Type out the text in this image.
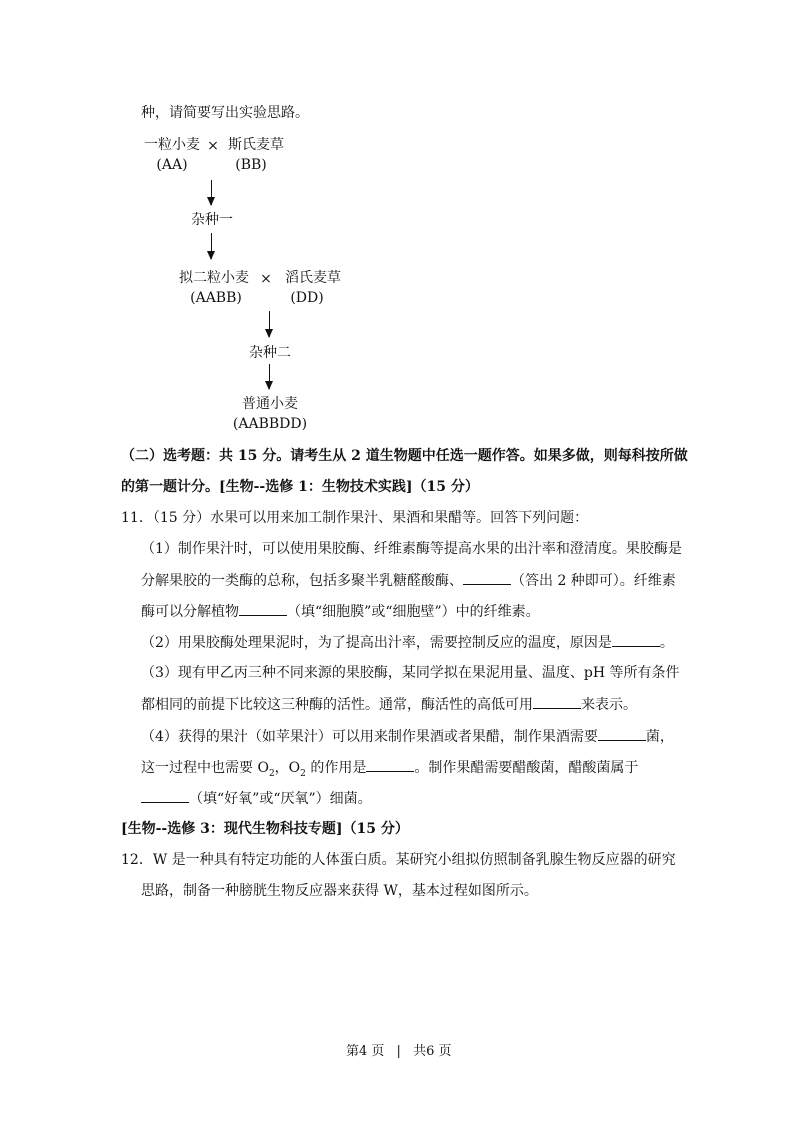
种，请简要写出实验思路。
一粒小麦 × 斯氏麦草
(AA)	(BB)
杂种一
拟二粒小麦 × 滔氏麦草
(AABB)	(DD)
杂种二
普通小麦
(AABBDD)
（二）选考题：共 15 分。请考生从 2 道生物题中任选一题作答。如果多做，则每科按所做
的第一题计分。[生物--选修 1：生物技术实践]（15 分）
11．（15 分）水果可以用来加工制作果汁、果酒和果醋等。回答下列问题：
（1）制作果汁时，可以使用果胶酶、纤维素酶等提高水果的出汁率和澄清度。果胶酶是
分解果胶的一类酶的总称，包括多聚半乳糖醛酸酶、	（答出 2 种即可）。纤维素
酶可以分解植物	（填“细胞膜”或“细胞壁”）中的纤维素。
（2）用果胶酶处理果泥时，为了提高出汁率，需要控制反应的温度，原因是	。
（3）现有甲乙丙三种不同来源的果胶酶，某同学拟在果泥用量、温度、pH 等所有条件
都相同的前提下比较这三种酶的活性。通常，酶活性的高低可用	来表示。
（4）获得的果汁（如苹果汁）可以用来制作果酒或者果醋，制作果酒需要	菌，
这一过程中也需要 $O_2$，$O_2$ 的作用是	。制作果醋需要醋酸菌，醋酸菌属于
（填“好氧”或“厌氧”）细菌。
[生物--选修 3：现代生物科技专题]（15 分）
12．W 是一种具有特定功能的人体蛋白质。某研究小组拟仿照制备乳腺生物反应器的研究
思路，制备一种膀胱生物反应器来获得 W，基本过程如图所示。
第4 页 | 共6 页
